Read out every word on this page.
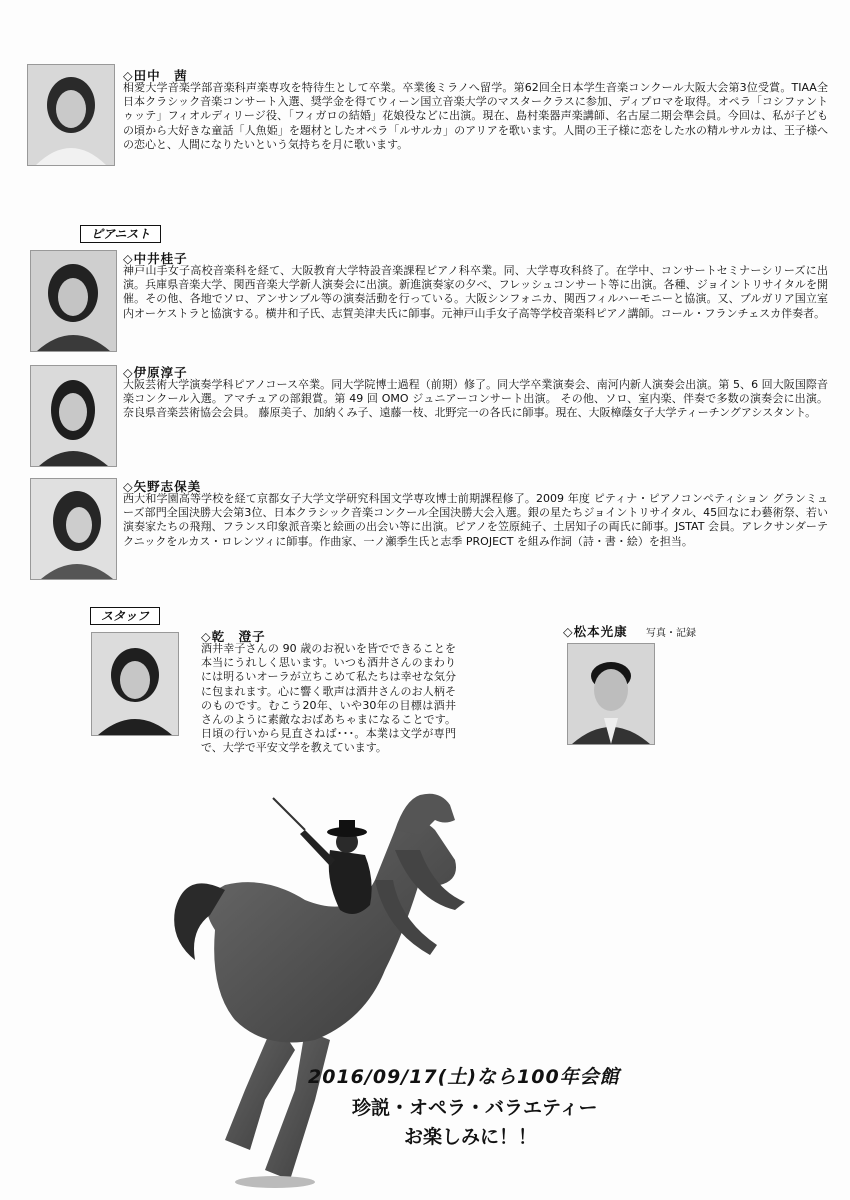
◇田中　茜
相愛大学音楽学部音楽科声楽専攻を特待生として卒業。卒業後ミラノへ留学。第62回全日本学生音楽コンクール大阪大会第3位受賞。TIAA全日本クラシック音楽コンサート入選、奨学金を得てウィーン国立音楽大学のマスタークラスに参加、ディプロマを取得。オペラ「コシファントゥッテ」フィオルディリージ役、「フィガロの結婚」花娘役などに出演。現在、島村楽器声楽講師、名古屋二期会準会員。今回は、私が子どもの頃から大好きな童話「人魚姫」を題材としたオペラ「ルサルカ」のアリアを歌います。人間の王子様に恋をした水の精ルサルカは、王子様への恋心と、人間になりたいという気持ちを月に歌います。
ピアニスト
◇中井桂子
神戸山手女子高校音楽科を経て、大阪教育大学特設音楽課程ピアノ科卒業。同、大学専攻科終了。在学中、コンサートセミナーシリーズに出演。兵庫県音楽大学、関西音楽大学新人演奏会に出演。新進演奏家の夕べ、フレッシュコンサート等に出演。各種、ジョイントリサイタルを開催。その他、各地でソロ、アンサンブル等の演奏活動を行っている。大阪シンフォニカ、関西フィルハーモニーと協演。又、ブルガリア国立室内オーケストラと協演する。横井和子氏、志賀美津夫氏に師事。元神戸山手女子高等学校音楽科ピアノ講師。コール・フランチェスカ伴奏者。
◇伊原淳子
大阪芸術大学演奏学科ピアノコース卒業。同大学院博士過程（前期）修了。同大学卒業演奏会、南河内新人演奏会出演。第 5、6 回大阪国際音楽コンクール入選。アマチュアの部銀賞。第 49 回 OMO ジュニアーコンサート出演。 その他、ソロ、室内楽、伴奏で多数の演奏会に出演。奈良県音楽芸術協会会員。 藤原美子、加納くみ子、遠藤一枝、北野完一の各氏に師事。現在、大阪樟蔭女子大学ティーチングアシスタント。
◇矢野志保美
西大和学園高等学校を経て京都女子大学文学研究科国文学専攻博士前期課程修了。2009 年度 ピティナ・ピアノコンペティション グランミューズ部門全国決勝大会第3位、日本クラシック音楽コンクール全国決勝大会入選。銀の星たちジョイントリサイタル、45回なにわ藝術祭、若い演奏家たちの飛翔、フランス印象派音楽と絵画の出会い等に出演。ピアノを笠原純子、土居知子の両氏に師事。JSTAT 会員。アレクサンダーテクニックをルカス・ロレンツィに師事。作曲家、一ノ瀬季生氏と志季 PROJECT を組み作詞（詩・書・絵）を担当。
スタッフ
◇乾　澄子
酒井幸子さんの 90 歳のお祝いを皆でできることを本当にうれしく思います。いつも酒井さんのまわりには明るいオーラが立ちこめて私たちは幸せな気分に包まれます。心に響く歌声は酒井さんのお人柄そのものです。むこう20年、いや30年の目標は酒井さんのように素敵なおばあちゃまになることです。日頃の行いから見直さねば･･･。本業は文学が専門で、大学で平安文学を教えています。
◇松本光康 写真・記録
2016/09/17(土)なら100年会館
珍説・オペラ・バラエティー
お楽しみに！！
